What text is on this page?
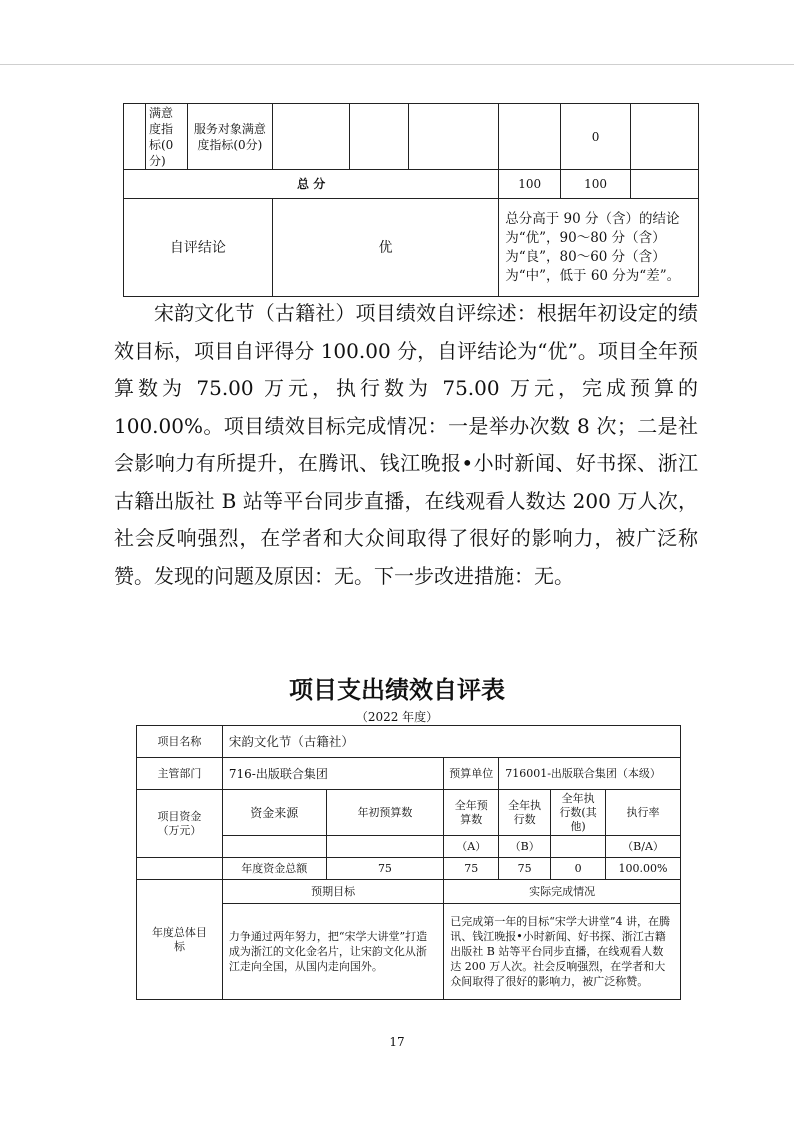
	满意度指标(0分)	服务对象满意度指标(0分)					0	
总 分						100	100	
自评结论			优			总分高于 90 分（含）的结论为“优”，90～80 分（含）为“良”，80～60 分（含）为“中”，低于 60 分为“差”。		

宋韵文化节（古籍社）项目绩效自评综述：根据年初设定的绩效目标，项目自评得分 100.00 分，自评结论为“优”。项目全年预算数为 75.00 万元，执行数为 75.00 万元，完成预算的 100.00%。项目绩效目标完成情况：一是举办次数 8 次；二是社会影响力有所提升，在腾讯、钱江晚报•小时新闻、好书探、浙江古籍出版社 B 站等平台同步直播，在线观看人数达 200 万人次，社会反响强烈，在学者和大众间取得了很好的影响力，被广泛称赞。发现的问题及原因：无。下一步改进措施：无。

项目支出绩效自评表
（2022 年度）
项目名称	宋韵文化节（古籍社）					
主管部门	716-出版联合集团		预算单位	716001-出版联合集团（本级）		
项目资金（万元）	资金来源	年初预算数	全年预算数	全年执行数	全年执行数(其他)	执行率

			（A）	（B）		（B/A）
	年度资金总额	75	75	75	0	100.00%
年度总体目标	预期目标		实际完成情况			
	力争通过两年努力，把“宋学大讲堂”打造成为浙江的文化金名片，让宋韵文化从浙江走向全国，从国内走向国外。		已完成第一年的目标“宋学大讲堂”4 讲，在腾讯、钱江晚报•小时新闻、好书探、浙江古籍出版社 B 站等平台同步直播，在线观看人数达 200 万人次。社会反响强烈，在学者和大众间取得了很好的影响力，被广泛称赞。			
17
